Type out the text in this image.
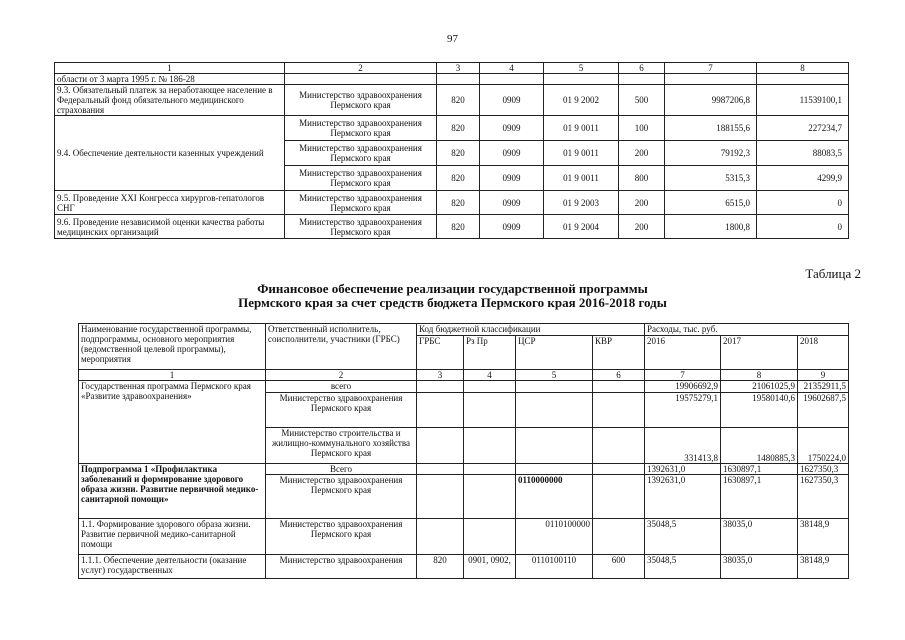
97
1	2	3	4	5	6	7	8
области от 3 марта 1995 г. № 186-28							
9.3. Обязательный платеж за неработающее население в Федеральный фонд обязательного медицинского страхования	Министерство здравоохранения Пермского края	820	0909	01 9 2002	500	9987206,8	11539100,1
9.4. Обеспечение деятельности казенных учреждений	Министерство здравоохранения Пермского края	820	0909	01 9 0011	100	188155,6	227234,7
	Министерство здравоохранения Пермского края	820	0909	01 9 0011	200	79192,3	88083,5
	Министерство здравоохранения Пермского края	820	0909	01 9 0011	800	5315,3	4299,9
9.5. Проведение XXI Конгресса хирургов-гепатологов СНГ	Министерство здравоохранения Пермского края	820	0909	01 9 2003	200	6515,0	0
9.6. Проведение независимой оценки качества работы медицинских организаций	Министерство здравоохранения Пермского края	820	0909	01 9 2004	200	1800,8	0
Таблица 2
Финансовое обеспечение реализации государственной программы
Пермского края за счет средств бюджета Пермского края 2016-2018 годы
Наименование государственной программы, подпрограммы, основного мероприятия (ведомственной целевой программы), мероприятия	Ответственный исполнитель, соисполнители, участники (ГРБС)	Код бюджетной классификации				Расходы, тыс. руб.		
		ГРБС	Рз Пр	ЦСР	КВР	2016	2017	2018
1	2	3	4	5	6	7	8	9
Государственная программа Пермского края «Развитие здравоохранения»	всего					19906692,9	21061025,9	21352911,5
	Министерство здравоохранения Пермского края					19575279,1	19580140,6	19602687,5
	Министерство строительства и жилищно-коммунального хозяйства Пермского края					331413,8	1480885,3	1750224,0
Подпрограмма 1 «Профилактика заболеваний и формирование здорового образа жизни. Развитие первичной медико-санитарной помощи»	Всего					1392631,0	1630897,1	1627350,3
	Министерство здравоохранения Пермского края			0110000000		1392631,0	1630897,1	1627350,3
1.1. Формирование здорового образа жизни. Развитие первичной медико-санитарной помощи	Министерство здравоохранения Пермского края			0110100000		35048,5	38035,0	38148,9
1.1.1. Обеспечение деятельности (оказание услуг) государственных	Министерство здравоохранения	820	0901, 0902,	0110100110	600	35048,5	38035,0	38148,9
